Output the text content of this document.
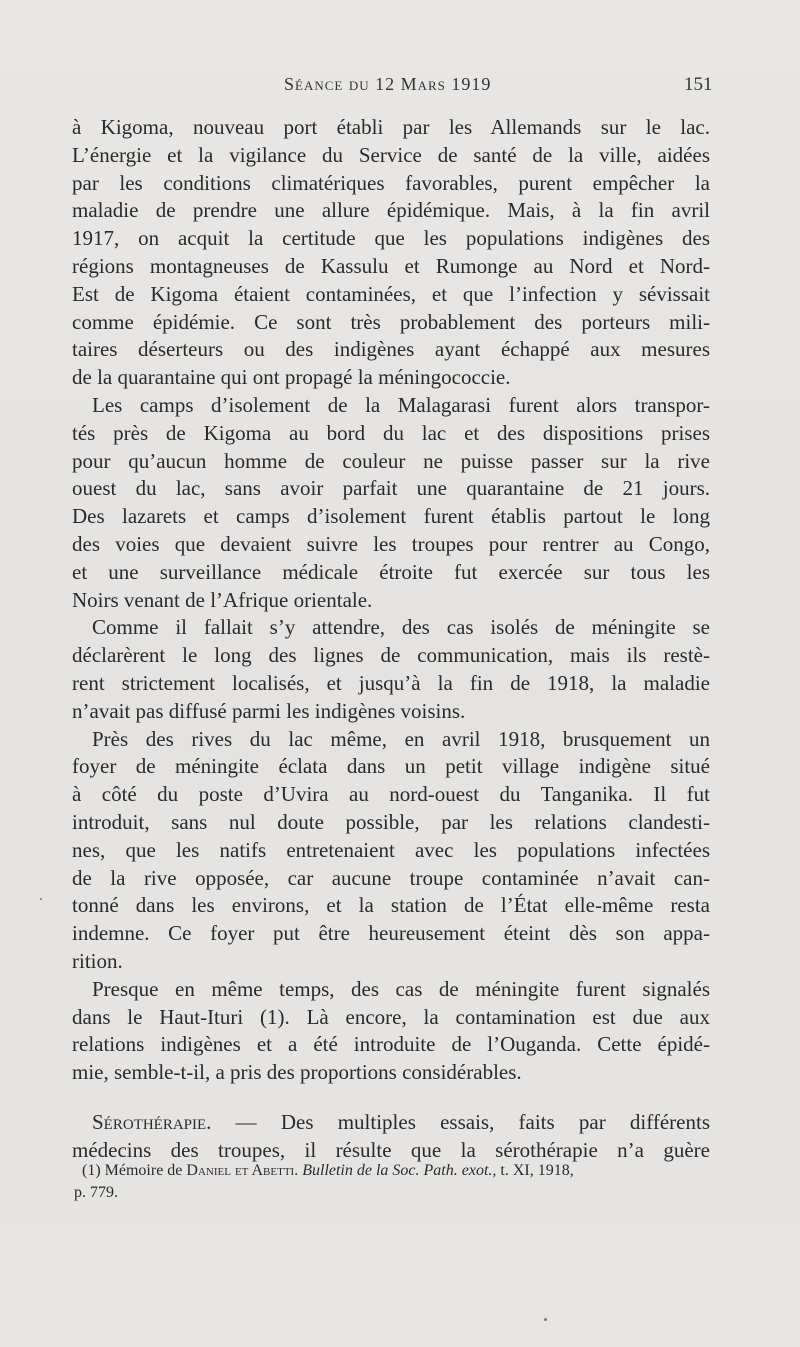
Séance du 12 Mars 1919	151
à Kigoma, nouveau port établi par les Allemands sur le lac.
L’énergie et la vigilance du Service de santé de la ville, aidées
par les conditions climatériques favorables, purent empêcher la
maladie de prendre une allure épidémique. Mais, à la fin avril
1917, on acquit la certitude que les populations indigènes des
régions montagneuses de Kassulu et Rumonge au Nord et Nord-
Est de Kigoma étaient contaminées, et que l’infection y sévissait
comme épidémie. Ce sont très probablement des porteurs mili-
taires déserteurs ou des indigènes ayant échappé aux mesures
de la quarantaine qui ont propagé la méningococcie.
Les camps d’isolement de la Malagarasi furent alors transpor-
tés près de Kigoma au bord du lac et des dispositions prises
pour qu’aucun homme de couleur ne puisse passer sur la rive
ouest du lac, sans avoir parfait une quarantaine de 21 jours.
Des lazarets et camps d’isolement furent établis partout le long
des voies que devaient suivre les troupes pour rentrer au Congo,
et une surveillance médicale étroite fut exercée sur tous les
Noirs venant de l’Afrique orientale.
Comme il fallait s’y attendre, des cas isolés de méningite se
déclarèrent le long des lignes de communication, mais ils restè-
rent strictement localisés, et jusqu’à la fin de 1918, la maladie
n’avait pas diffusé parmi les indigènes voisins.
Près des rives du lac même, en avril 1918, brusquement un
foyer de méningite éclata dans un petit village indigène situé
à côté du poste d’Uvira au nord-ouest du Tanganika. Il fut
introduit, sans nul doute possible, par les relations clandesti-
nes, que les natifs entretenaient avec les populations infectées
de la rive opposée, car aucune troupe contaminée n’avait can-
tonné dans les environs, et la station de l’État elle-même resta
indemne. Ce foyer put être heureusement éteint dès son appa-
rition.
Presque en même temps, des cas de méningite furent signalés
dans le Haut-Ituri (1). Là encore, la contamination est due aux
relations indigènes et a été introduite de l’Ouganda. Cette épidé-
mie, semble-t-il, a pris des proportions considérables.
Sérothérapie. — Des multiples essais, faits par différents
médecins des troupes, il résulte que la sérothérapie n’a guère
(1) Mémoire de Daniel et Abetti. Bulletin de la Soc. Path. exot., t. XI, 1918,
p. 779.
